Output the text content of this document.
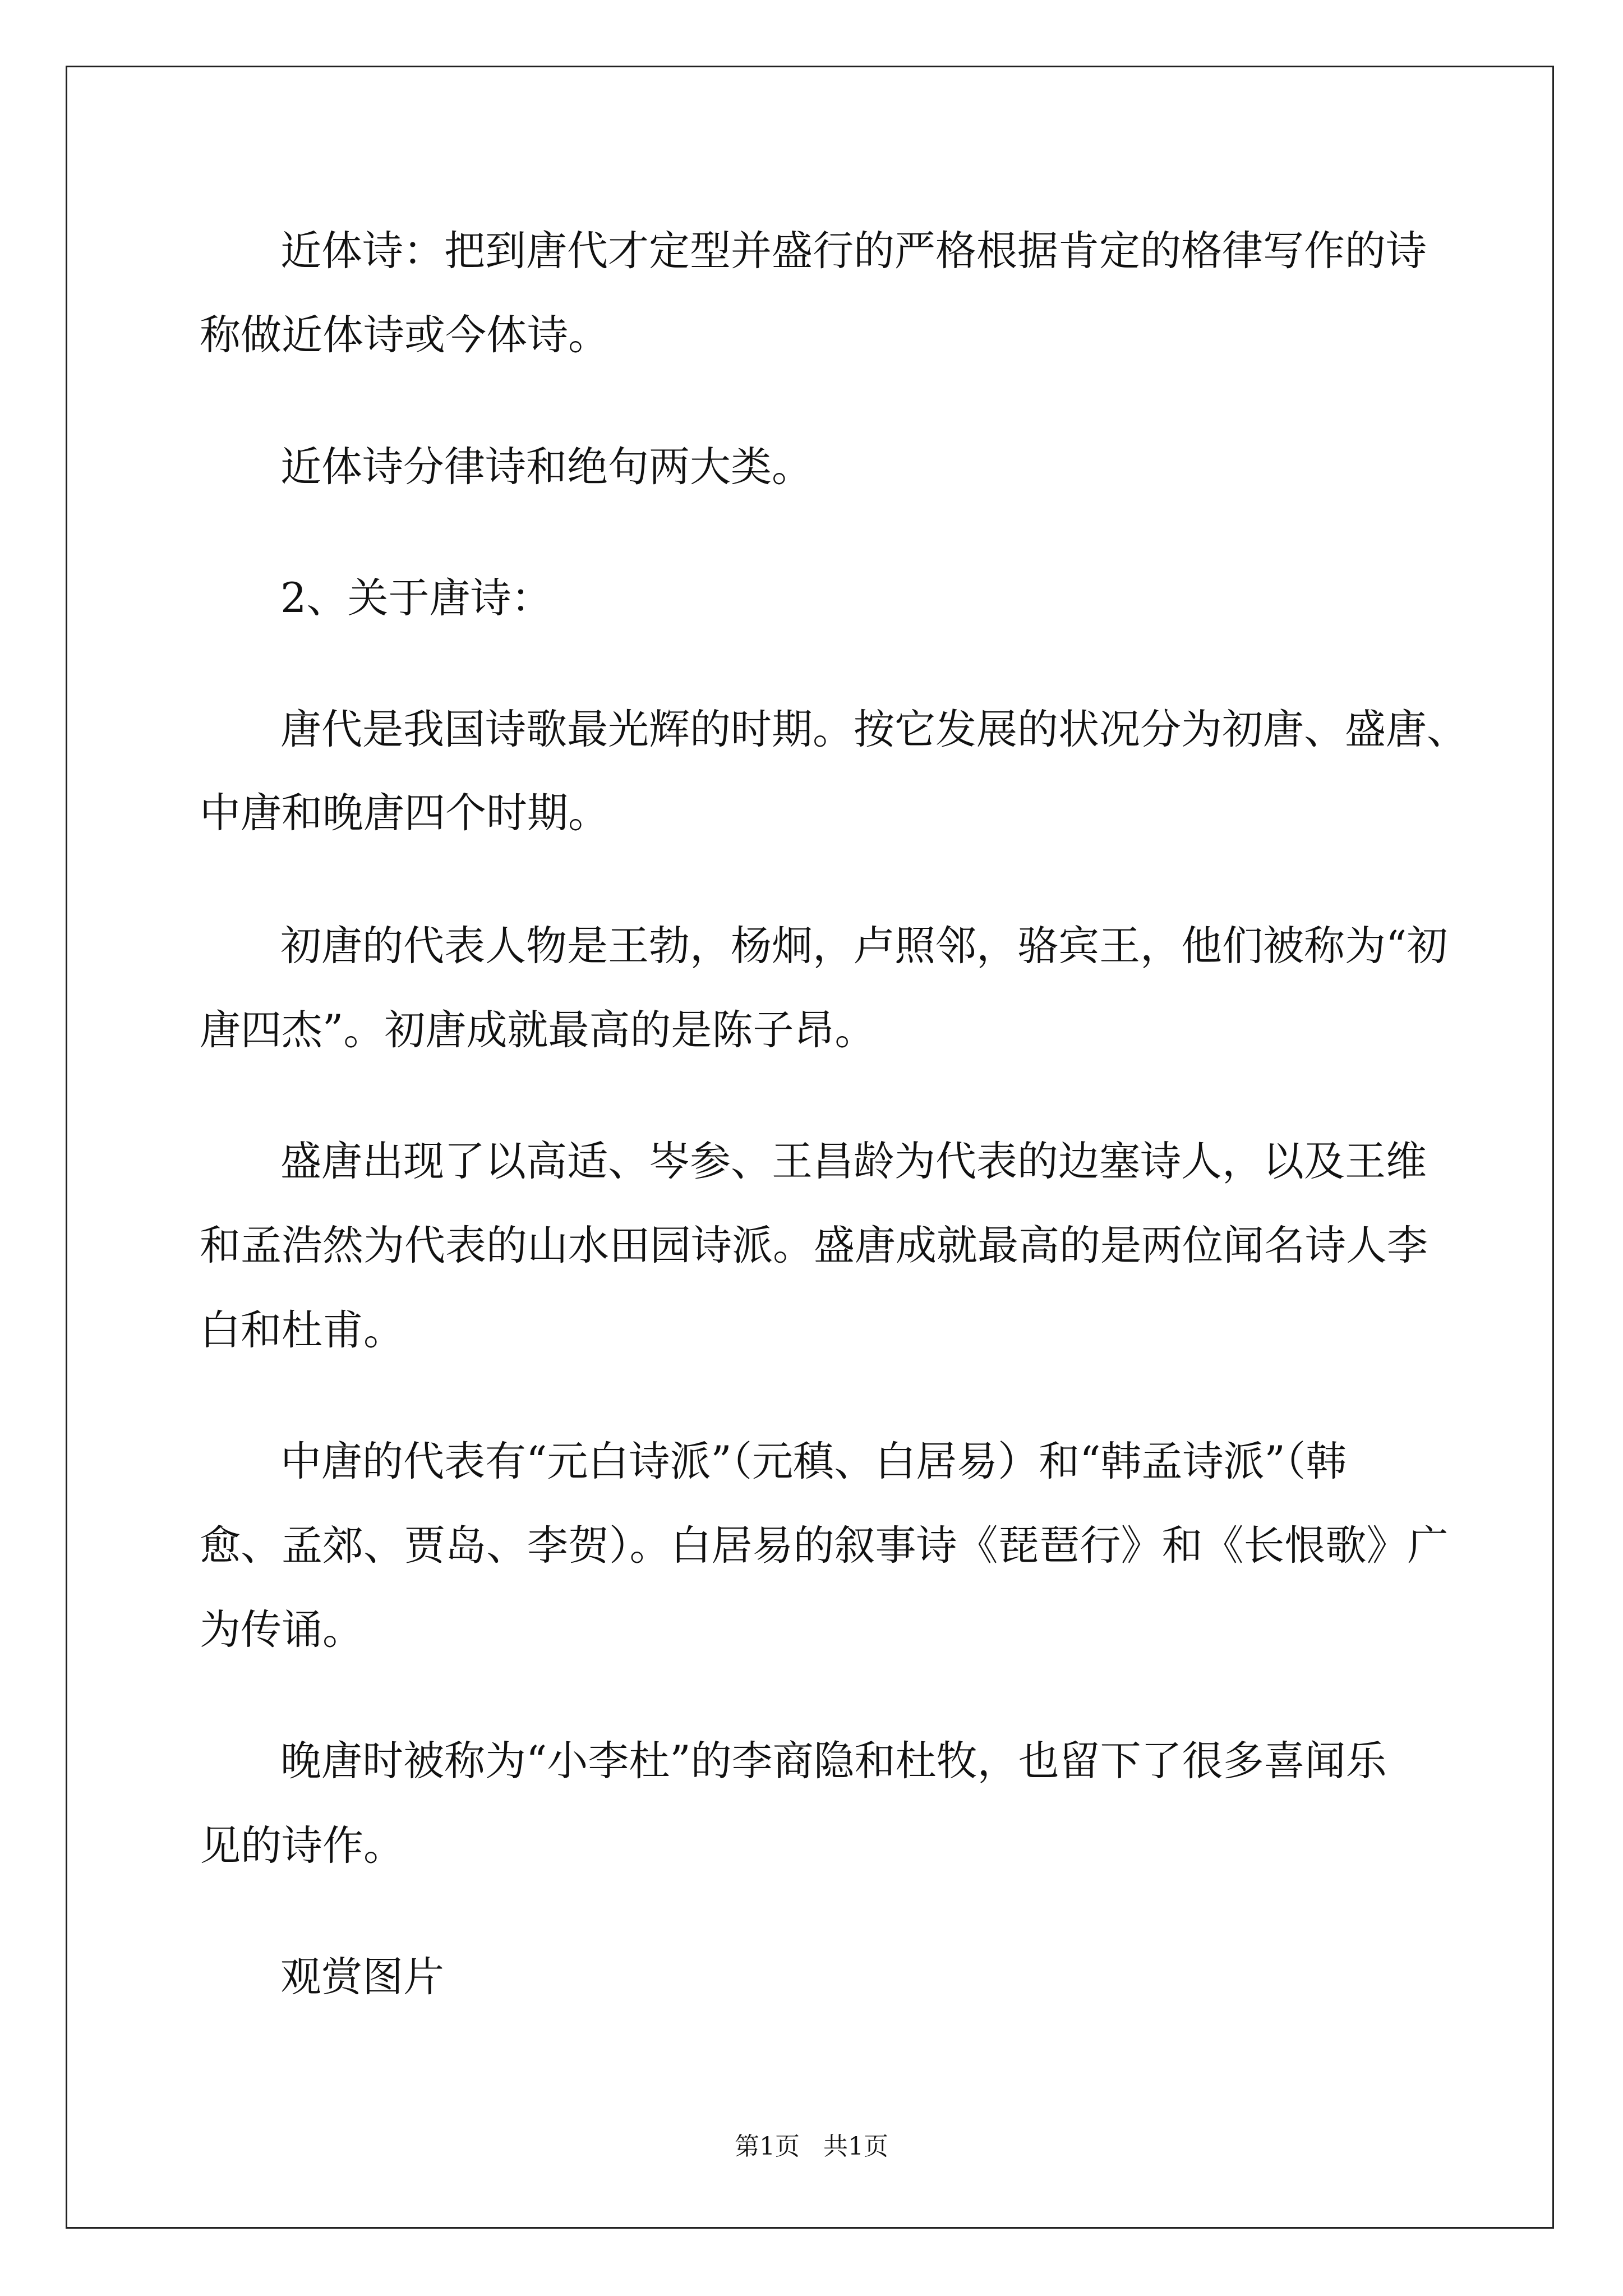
近体诗：把到唐代才定型并盛行的严格根据肯定的格律写作的诗
称做近体诗或今体诗。
近体诗分律诗和绝句两大类。
2、关于唐诗：
唐代是我国诗歌最光辉的时期。按它发展的状况分为初唐、盛唐、
中唐和晚唐四个时期。
初唐的代表人物是王勃，杨炯，卢照邻，骆宾王，他们被称为“初
唐四杰”。初唐成就最高的是陈子昂。
盛唐出现了以高适、岑参、王昌龄为代表的边塞诗人，以及王维
和孟浩然为代表的山水田园诗派。盛唐成就最高的是两位闻名诗人李
白和杜甫。
中唐的代表有“元白诗派”（元稹、白居易）和“韩孟诗派”（韩
愈、孟郊、贾岛、李贺）。白居易的叙事诗《琵琶行》和《长恨歌》广
为传诵。
晚唐时被称为“小李杜”的李商隐和杜牧，也留下了很多喜闻乐
见的诗作。
观赏图片
第1页   共1页
